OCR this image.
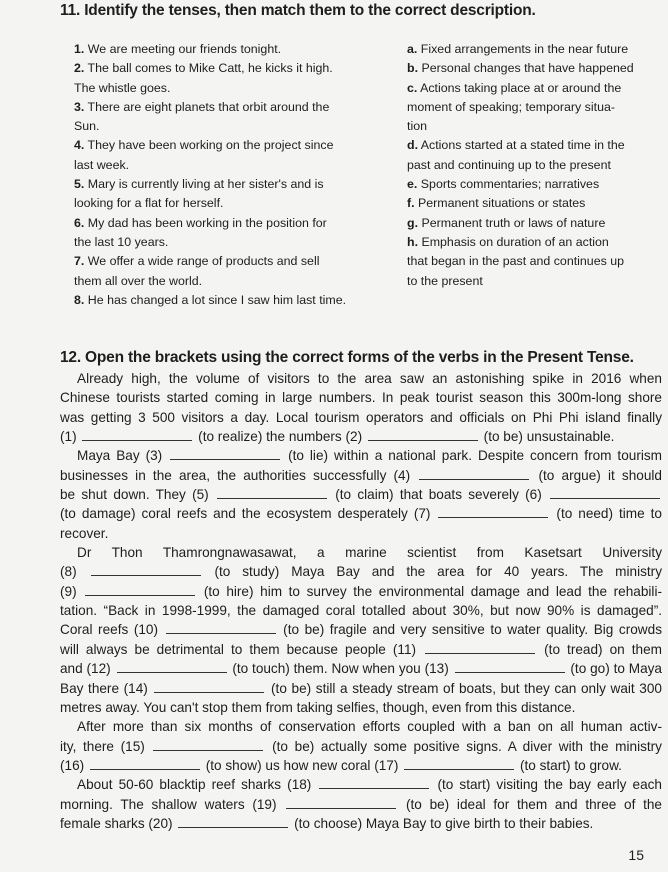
11. Identify the tenses, then match them to the correct description.
1. We are meeting our friends tonight.
2. The ball comes to Mike Catt, he kicks it high.
The whistle goes.
3. There are eight planets that orbit around the
Sun.
4. They have been working on the project since
last week.
5. Mary is currently living at her sister's and is
looking for a flat for herself.
6. My dad has been working in the position for
the last 10 years.
7. We offer a wide range of products and sell
them all over the world.
8. He has changed a lot since I saw him last time.
a. Fixed arrangements in the near future
b. Personal changes that have happened
c. Actions taking place at or around the
moment of speaking; temporary situa-
tion
d. Actions started at a stated time in the
past and continuing up to the present
e. Sports commentaries; narratives
f. Permanent situations or states
g. Permanent truth or laws of nature
h. Emphasis on duration of an action
that began in the past and continues up
to the present
12. Open the brackets using the correct forms of the verbs in the Present Tense.
Already high, the volume of visitors to the area saw an astonishing spike in 2016 when
Chinese tourists started coming in large numbers. In peak tourist season this 300m-long shore
was getting 3 500 visitors a day. Local tourism operators and officials on Phi Phi island finally
(1)	(to realize) the numbers (2)	(to be) unsustainable.
Maya Bay (3)	(to lie) within a national park. Despite concern from tourism
businesses in the area, the authorities successfully (4)	(to argue) it should
be shut down. They (5)	(to claim) that boats severely (6)
(to damage) coral reefs and the ecosystem desperately (7)	(to need) time to
recover.
Dr Thon Thamrongnawasawat, a marine scientist from Kasetsart University
(8)	(to study) Maya Bay and the area for 40 years. The ministry
(9)	(to hire) him to survey the environmental damage and lead the rehabili-
tation. “Back in 1998-1999, the damaged coral totalled about 30%, but now 90% is damaged”.
Coral reefs (10)	(to be) fragile and very sensitive to water quality. Big crowds
will always be detrimental to them because people (11)	(to tread) on them
and (12)	(to touch) them. Now when you (13)	(to go) to Maya
Bay there (14)	(to be) still a steady stream of boats, but they can only wait 300
metres away. You can't stop them from taking selfies, though, even from this distance.
After more than six months of conservation efforts coupled with a ban on all human activ-
ity, there (15)	(to be) actually some positive signs. A diver with the ministry
(16)	(to show) us how new coral (17)	(to start) to grow.
About 50-60 blacktip reef sharks (18)	(to start) visiting the bay early each
morning. The shallow waters (19)	(to be) ideal for them and three of the
female sharks (20)	(to choose) Maya Bay to give birth to their babies.
15
